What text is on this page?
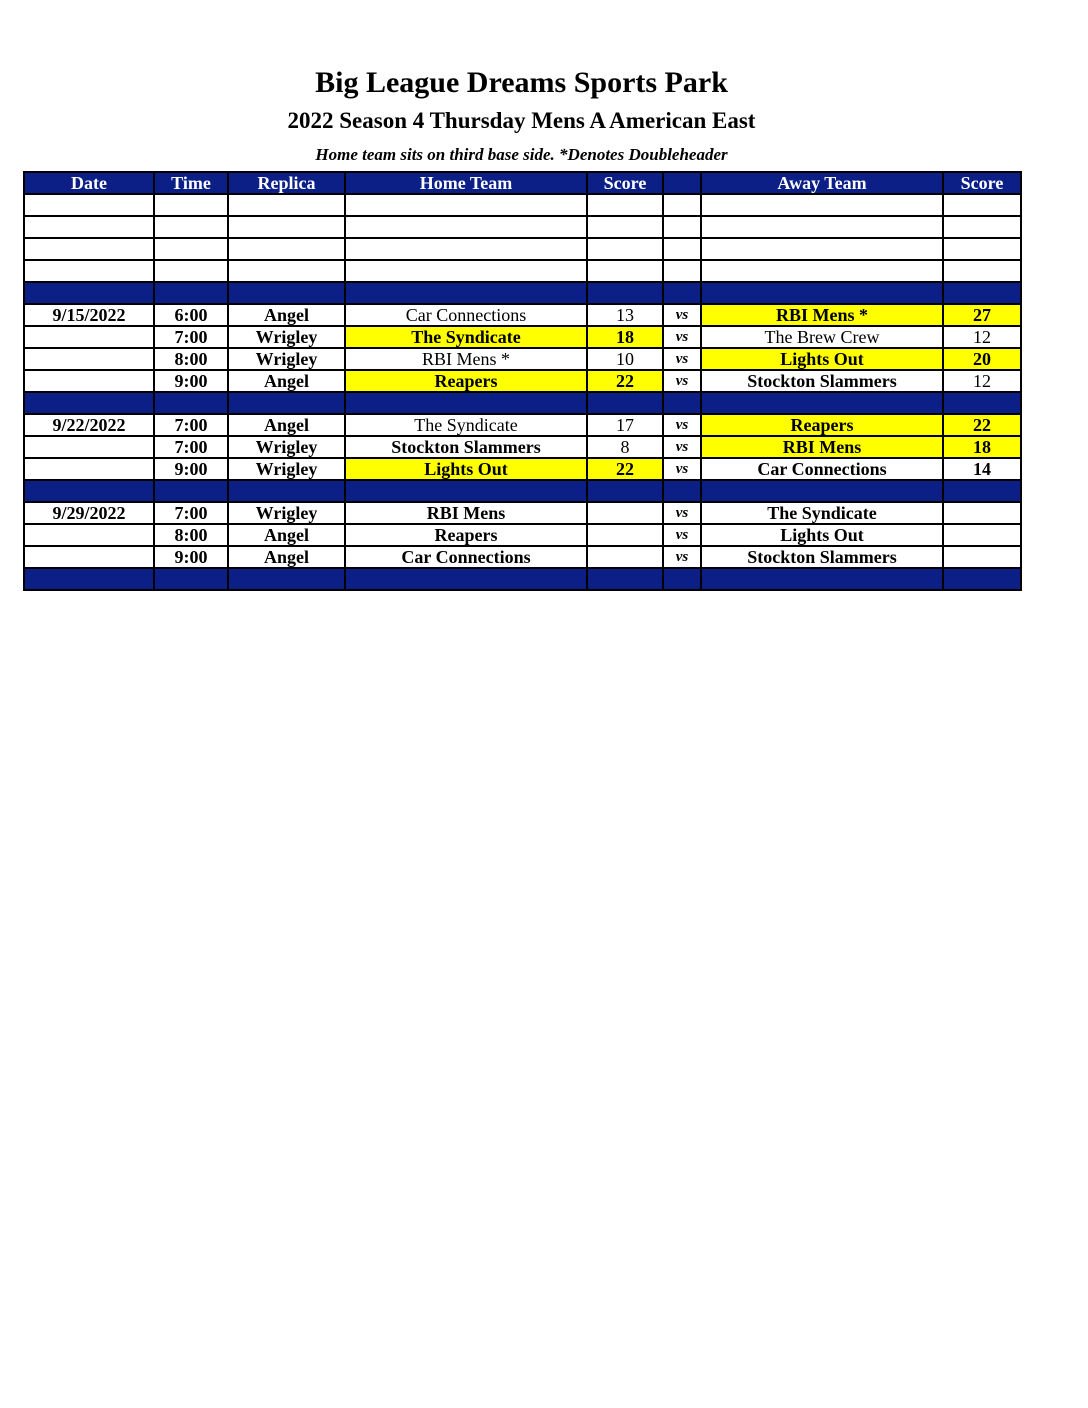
Big League Dreams Sports Park
2022 Season 4 Thursday Mens A American East
Home team sits on third base side. *Denotes Doubleheader
Date	Time	Replica	Home Team	Score		Away Team	Score

9/15/2022	6:00	Angel	Car Connections	13	vs	RBI Mens *	27
	7:00	Wrigley	The Syndicate	18	vs	The Brew Crew	12
	8:00	Wrigley	RBI Mens *	10	vs	Lights Out	20
	9:00	Angel	Reapers	22	vs	Stockton Slammers	12

9/22/2022	7:00	Angel	The Syndicate	17	vs	Reapers	22
	7:00	Wrigley	Stockton Slammers	8	vs	RBI Mens	18
	9:00	Wrigley	Lights Out	22	vs	Car Connections	14

9/29/2022	7:00	Wrigley	RBI Mens		vs	The Syndicate	
	8:00	Angel	Reapers		vs	Lights Out	
	9:00	Angel	Car Connections		vs	Stockton Slammers	
